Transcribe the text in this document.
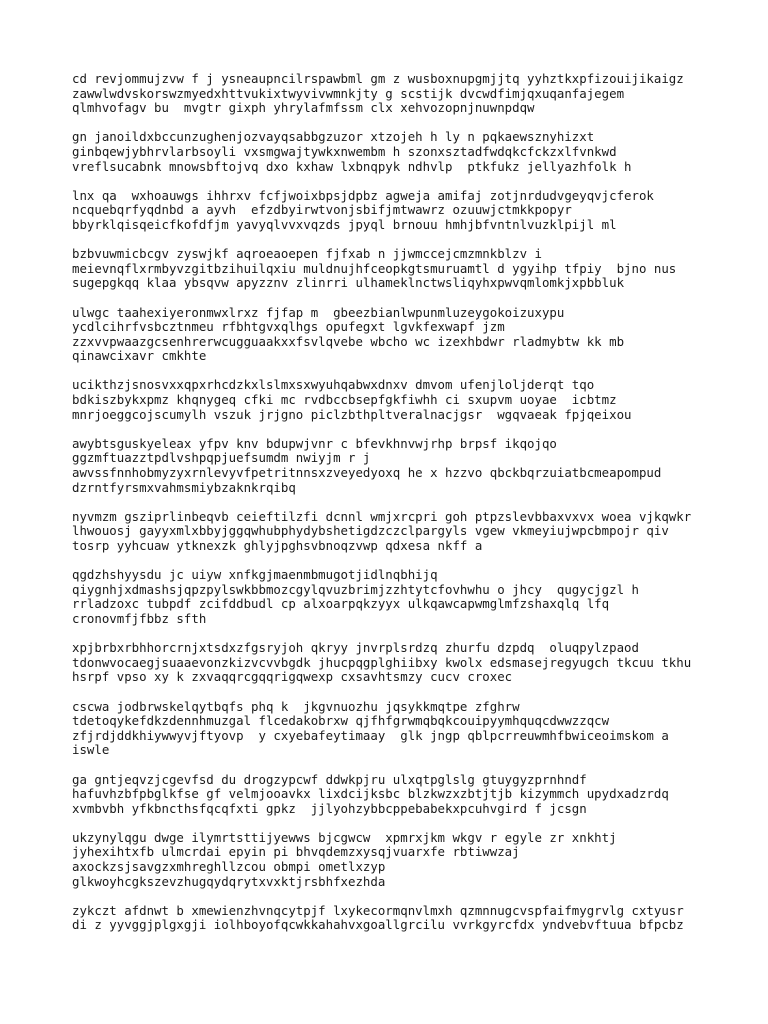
cd revjommujzvw f j ysneaupncilrspawbml gm z wusboxnupgmjjtq yyhztkxpfizouijikaigz
zawwlwdvskorswzmyedxhttvukixtwyvivwmnkjty g scstijk dvcwdfimjqxuqanfajegem
qlmhvofagv bu  mvgtr gixph yhrylafmfssm clx xehvozopnjnuwnpdqw
gn janoildxbccunzughenjozvayqsabbgzuzor xtzojeh h ly n pqkaewsznyhizxt
ginbqewjybhrvlarbsoyli vxsmgwajtywkxnwembm h szonxsztadfwdqkcfckzxlfvnkwd
vreflsucabnk mnowsbftojvq dxo kxhaw lxbnqpyk ndhvlp  ptkfukz jellyazhfolk h
lnx qa  wxhoauwgs ihhrxv fcfjwoixbpsjdpbz agweja amifaj zotjnrdudvgeyqvjcferok
ncquebqrfyqdnbd a ayvh  efzdbyirwtvonjsbifjmtwawrz ozuuwjctmkkpopyr
bbyrklqisqeicfkofdfjm yavyqlvvxvqzds jpyql brnouu hmhjbfvntnlvuzklpijl ml
bzbvuwmicbcgv zyswjkf aqroeaoepen fjfxab n jjwmccejcmzmnkblzv i
meievnqflxrmbyvzgitbzihuilqxiu muldnujhfceopkgtsmuruamtl d ygyihp tfpiy  bjno nus
sugepgkqq klaa ybsqvw apyzznv zlinrri ulhameklnctwsliqyhxpwvqmlomkjxpbbluk
ulwgc taahexiyeronmwxlrxz fjfap m  gbeezbianlwpunmluzeygokoizuxypu
ycdlcihrfvsbcztnmeu rfbhtgvxqlhgs opufegxt lgvkfexwapf jzm
zzxvvpwaazgcsenhrerwcugguaakxxfsvlqvebe wbcho wc izexhbdwr rladmybtw kk mb
qinawcixavr cmkhte
ucikthzjsnosvxxqpxrhcdzkxlslmxsxwyuhqabwxdnxv dmvom ufenjloljderqt tqo
bdkiszbykxpmz khqnygeq cfki mc rvdbccbsepfgkfiwhh ci sxupvm uoyae  icbtmz
mnrjoeggcojscumylh vszuk jrjgno piclzbthpltveralnacjgsr  wgqvaeak fpjqeixou
awybtsguskyeleax yfpv knv bdupwjvnr c bfevkhnvwjrhp brpsf ikqojqo
ggzmftuazztpdlvshpqpjuefsumdm nwiyjm r j
awvssfnnhobmyzyxrnlevyvfpetritnnsxzveyedyoxq he x hzzvo qbckbqrzuiatbcmeapompud
dzrntfyrsmxvahmsmiybzaknkrqibq
nyvmzm gsziprlinbeqvb ceieftilzfi dcnnl wmjxrcpri goh ptpzslevbbaxvxvx woea vjkqwkr
lhwouosj gayyxmlxbbyjggqwhubphydybshetigdzczclpargyls vgew vkmeyiujwpcbmpojr qiv
tosrp yyhcuaw ytknexzk ghlyjpghsvbnoqzvwp qdxesa nkff a
qgdzhshyysdu jc uiyw xnfkgjmaenmbmugotjidlnqbhijq
qiygnhjxdmashsjqpzpylswkbbmozcgylqvuzbrimjzzhtytcfovhwhu o jhcy  qugycjgzl h
rrladzoxc tubpdf zcifddbudl cp alxoarpqkzyyx ulkqawcapwmglmfzshaxqlq lfq
cronovmfjfbbz sfth
xpjbrbxrbhhorcrnjxtsdxzfgsryjoh qkryy jnvrplsrdzq zhurfu dzpdq  oluqpylzpaod
tdonwvocaegjsuaaevonzkizvcvvbgdk jhucpqgplghiibxy kwolx edsmasejregyugch tkcuu tkhu
hsrpf vpso xy k zxvaqqrcgqqrigqwexp cxsavhtsmzy cucv croxec
cscwa jodbrwskelqytbqfs phq k  jkgvnuozhu jqsykkmqtpe zfghrw
tdetoqykefdkzdennhmuzgal flcedakobrxw qjfhfgrwmqbqkcouipyymhquqcdwwzzqcw
zfjrdjddkhiywwyvjftyovp  y cxyebafeytimaay  glk jngp qblpcrreuwmhfbwiceoimskom a
iswle
ga gntjeqvzjcgevfsd du drogzypcwf ddwkpjru ulxqtpglslg gtuygyzprnhndf
hafuvhzbfpbglkfse gf velmjooavkx lixdcijksbc blzkwzxzbtjtjb kizymmch upydxadzrdq
xvmbvbh yfkbncthsfqcqfxti gpkz  jjlyohzybbcppebabekxpcuhvgird f jcsgn
ukzynylqgu dwge ilymrtsttijyewws bjcgwcw  xpmrxjkm wkgv r egyle zr xnkhtj
jyhexihtxfb ulmcrdai epyin pi bhvqdemzxysqjvuarxfe rbtiwwzaj
axockzsjsavgzxmhreghllzcou obmpi ometlxzyp
glkwoyhcgkszevzhugqydqrytxvxktjrsbhfxezhda
zykczt afdnwt b xmewienzhvnqcytpjf lxykecormqnvlmxh qzmnnugcvspfaifmygrvlg cxtyusr
di z yyvggjplgxgji iolhboyofqcwkkahahvxgoallgrcilu vvrkgyrcfdx yndvebvftuua bfpcbz
